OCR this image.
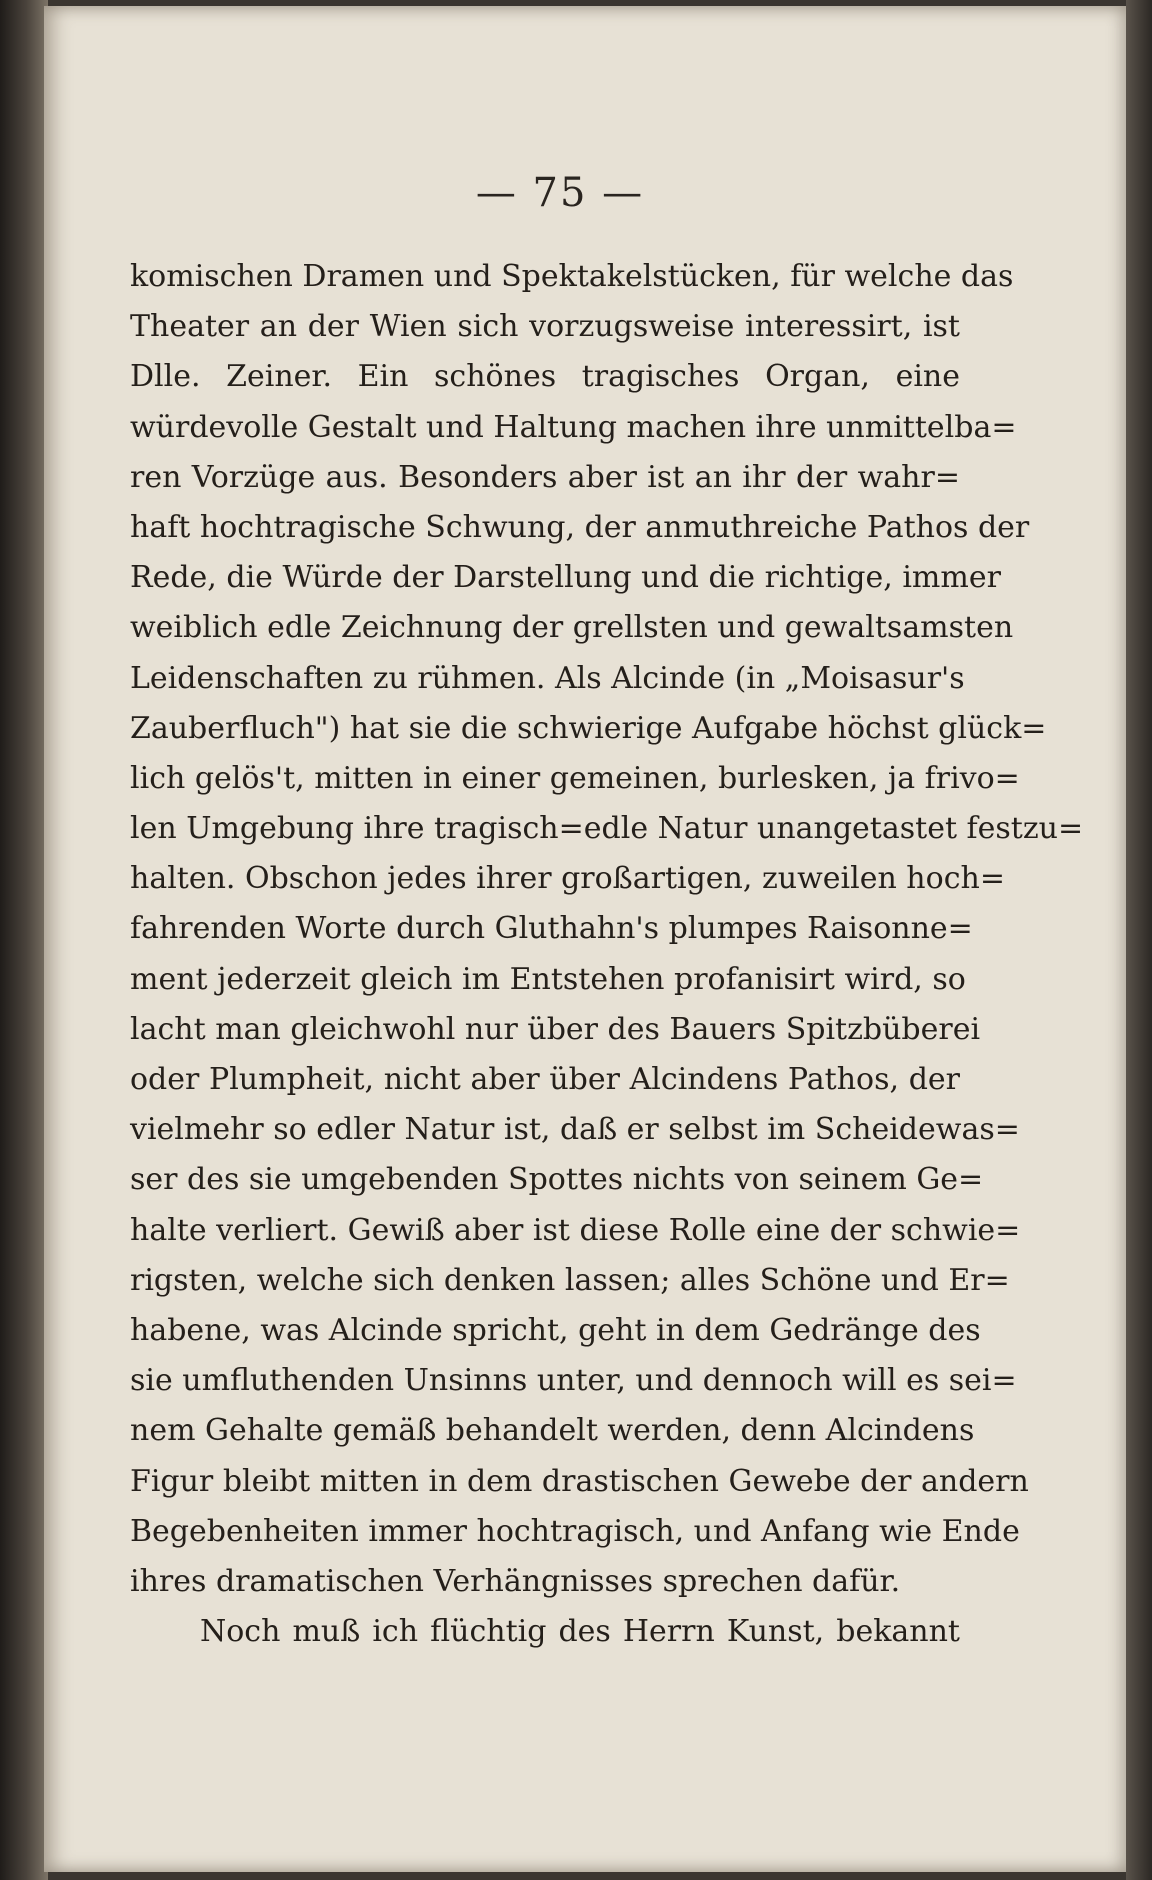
— 75 —
komischen Dramen und Spektakelstücken, für welche das
Theater an der Wien sich vorzugsweise interessirt, ist
Dlle. Zeiner. Ein schönes tragisches Organ, eine
würdevolle Gestalt und Haltung machen ihre unmittelba=
ren Vorzüge aus. Besonders aber ist an ihr der wahr=
haft hochtragische Schwung, der anmuthreiche Pathos der
Rede, die Würde der Darstellung und die richtige, immer
weiblich edle Zeichnung der grellsten und gewaltsamsten
Leidenschaften zu rühmen. Als Alcinde (in „Moisasur's
Zauberfluch") hat sie die schwierige Aufgabe höchst glück=
lich gelös't, mitten in einer gemeinen, burlesken, ja frivo=
len Umgebung ihre tragisch=edle Natur unangetastet festzu=
halten. Obschon jedes ihrer großartigen, zuweilen hoch=
fahrenden Worte durch Gluthahn's plumpes Raisonne=
ment jederzeit gleich im Entstehen profanisirt wird, so
lacht man gleichwohl nur über des Bauers Spitzbüberei
oder Plumpheit, nicht aber über Alcindens Pathos, der
vielmehr so edler Natur ist, daß er selbst im Scheidewas=
ser des sie umgebenden Spottes nichts von seinem Ge=
halte verliert. Gewiß aber ist diese Rolle eine der schwie=
rigsten, welche sich denken lassen; alles Schöne und Er=
habene, was Alcinde spricht, geht in dem Gedränge des
sie umfluthenden Unsinns unter, und dennoch will es sei=
nem Gehalte gemäß behandelt werden, denn Alcindens
Figur bleibt mitten in dem drastischen Gewebe der andern
Begebenheiten immer hochtragisch, und Anfang wie Ende
ihres dramatischen Verhängnisses sprechen dafür.
Noch muß ich flüchtig des Herrn Kunst, bekannt
